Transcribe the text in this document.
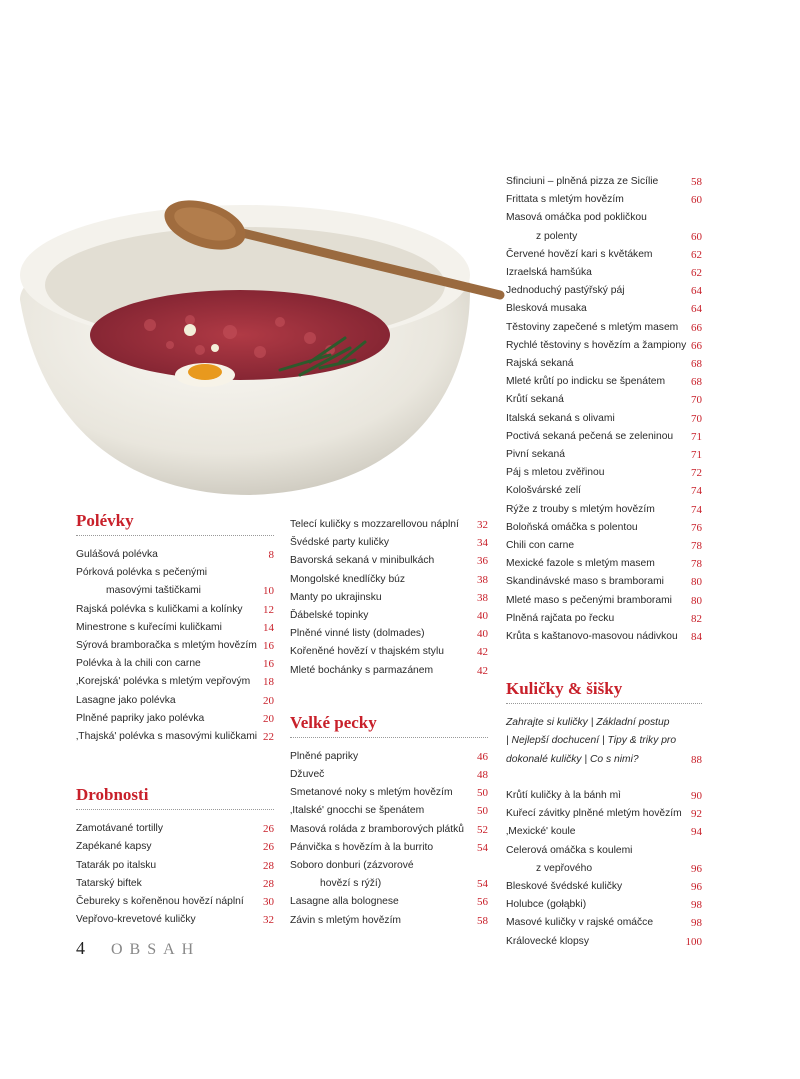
Polévky
Gulášová polévka	8
Pórková polévka s pečenými
masovými taštičkami	10
Rajská polévka s kuličkami a kolínky 12
Minestrone s kuřecími kuličkami	14
Sýrová bramboračka s mletým hovězím 16
Polévka à la chili con carne	16
‚Korejská' polévka s mletým vepřovým 18
Lasagne jako polévka	20
Plněné papriky jako polévka	20
‚Thajská' polévka s masovými kuličkami 22
Drobnosti
Zamotávané tortilly	26
Zapékané kapsy	26
Tatarák po italsku	28
Tatarský biftek	28
Čebureky s kořeněnou hovězí náplní 30
Vepřovo-krevetové kuličky	32
Telecí kuličky s mozzarellovou náplní 32
Švédské party kuličky	34
Bavorská sekaná v minibulkách	36
Mongolské knedlíčky búz	38
Manty po ukrajinsku	38
Ďábelské topinky	40
Plněné vinné listy (dolmades)	40
Kořeněné hovězí v thajském stylu	42
Mleté bochánky s parmazánem	42
Velké pecky
Plněné papriky	46
Džuveč	48
Smetanové noky s mletým hovězím 50
‚Italské' gnocchi se špenátem	50
Masová roláda z bramborových plátků 52
Pánvička s hovězím à la burrito	54
Soboro donburi (zázvorové
hovězí s rýží)	54
Lasagne alla bolognese	56
Závin s mletým hovězím	58
Sfinciuni – plněná pizza ze Sicílie	58
Frittata s mletým hovězím	60
Masová omáčka pod pokličkou
z polenty	60
Červené hovězí kari s květákem	62
Izraelská hamšúka	62
Jednoduchý pastýřský páj	64
Blesková musaka	64
Těstoviny zapečené s mletým masem 66
Rychlé těstoviny s hovězím a žampiony 66
Rajská sekaná	68
Mleté krůtí po indicku se špenátem 68
Krůtí sekaná	70
Italská sekaná s olivami	70
Poctivá sekaná pečená se zeleninou 71
Pivní sekaná	71
Páj s mletou zvěřinou	72
Kološvárské zelí	74
Rýže z trouby s mletým hovězím	74
Boloňská omáčka s polentou	76
Chili con carne	78
Mexické fazole s mletým masem	78
Skandinávské maso s bramborami 80
Mleté maso s pečenými bramborami 80
Plněná rajčata po řecku	82
Krůta s kaštanovo-masovou nádivkou 84
Kuličky & šišky
Zahrajte si kuličky | Základní postup
| Nejlepší dochucení | Tipy & triky pro
dokonalé kuličky | Co s nimi?	88
Krůtí kuličky à la bánh mì	90
Kuřecí závitky plněné mletým hovězím 92
‚Mexické' koule	94
Celerová omáčka s koulemi
z vepřového	96
Bleskové švédské kuličky	96
Holubce (gołąbki)	98
Masové kuličky v rajské omáčce	98
Královecké klopsy	100
4 OBSAH
